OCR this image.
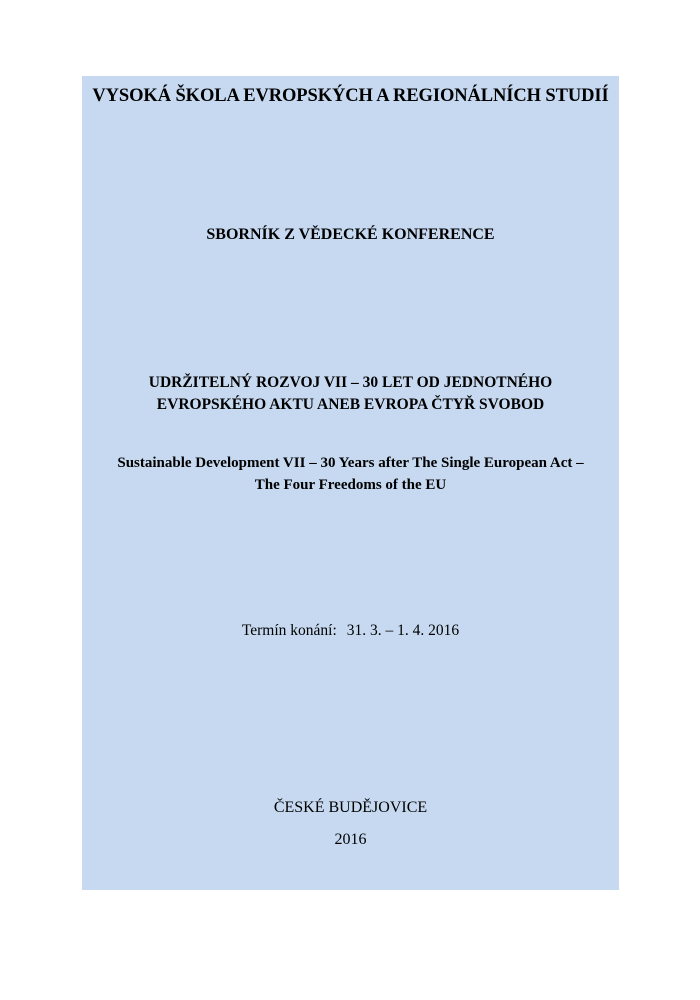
VYSOKÁ ŠKOLA EVROPSKÝCH A REGIONÁLNÍCH STUDIÍ
SBORNÍK Z VĚDECKÉ KONFERENCE
UDRŽITELNÝ ROZVOJ VII – 30 LET OD JEDNOTNÉHO
EVROPSKÉHO AKTU ANEB EVROPA ČTYŘ SVOBOD
Sustainable Development VII – 30 Years after The Single European Act –
The Four Freedoms of the EU
Termín konání: 31. 3. – 1. 4. 2016
ČESKÉ BUDĚJOVICE
2016
